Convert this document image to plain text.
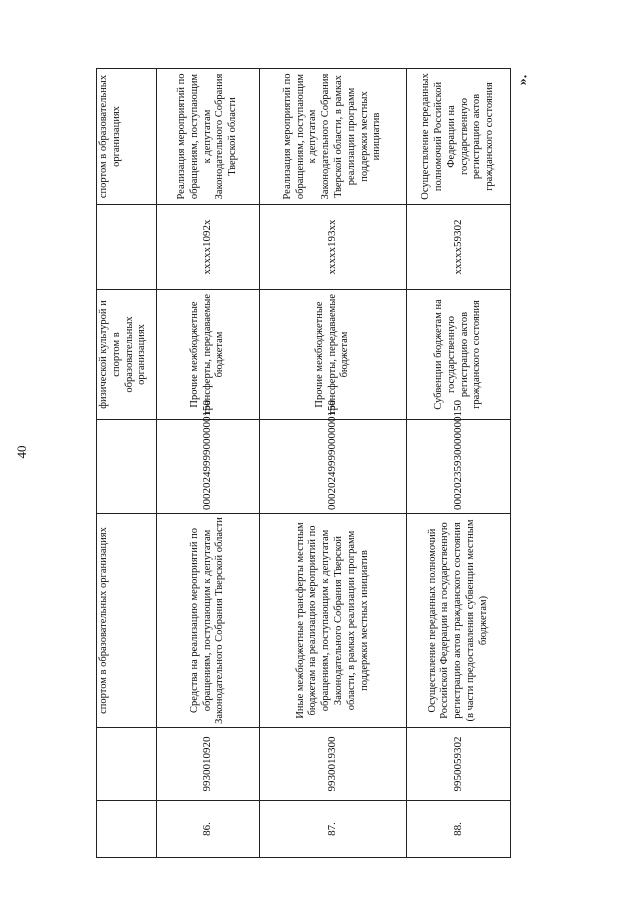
40
».
		спортом в образовательных организациях		физической культурой и спортом в образовательных организациях		спортом в образовательных организациях
86.	9930010920	Средства на реализацию мероприятий по обращениям, поступающим к депутатам Законодательного Собрания Тверской области	00020249999000000150	Прочие межбюджетные трансферты, передаваемые бюджетам	xxxxx1092x	Реализация мероприятий по обращениям, поступающим к депутатам Законодательного Собрания Тверской области
87.	9930019300	Иные межбюджетные трансферты местным бюджетам на реализацию мероприятий по обращениям, поступающим к депутатам Законодательного Собрания Тверской области, в рамках реализации программ поддержки местных инициатив	00020249999000000150	Прочие межбюджетные трансферты, передаваемые бюджетам	xxxxx193xx	Реализация мероприятий по обращениям, поступающим к депутатам Законодательного Собрания Тверской области, в рамках реализации программ поддержки местных инициатив
88.	9950059302	Осуществление переданных полномочий Российской Федерации на государственную регистрацию актов гражданского состояния (в части предоставления субвенции местным бюджетам)	00020235930000000150	Субвенции бюджетам на государственную регистрацию актов гражданского состояния	xxxxx59302	Осуществление переданных полномочий Российской Федерации на государственную регистрацию актов гражданского состояния
